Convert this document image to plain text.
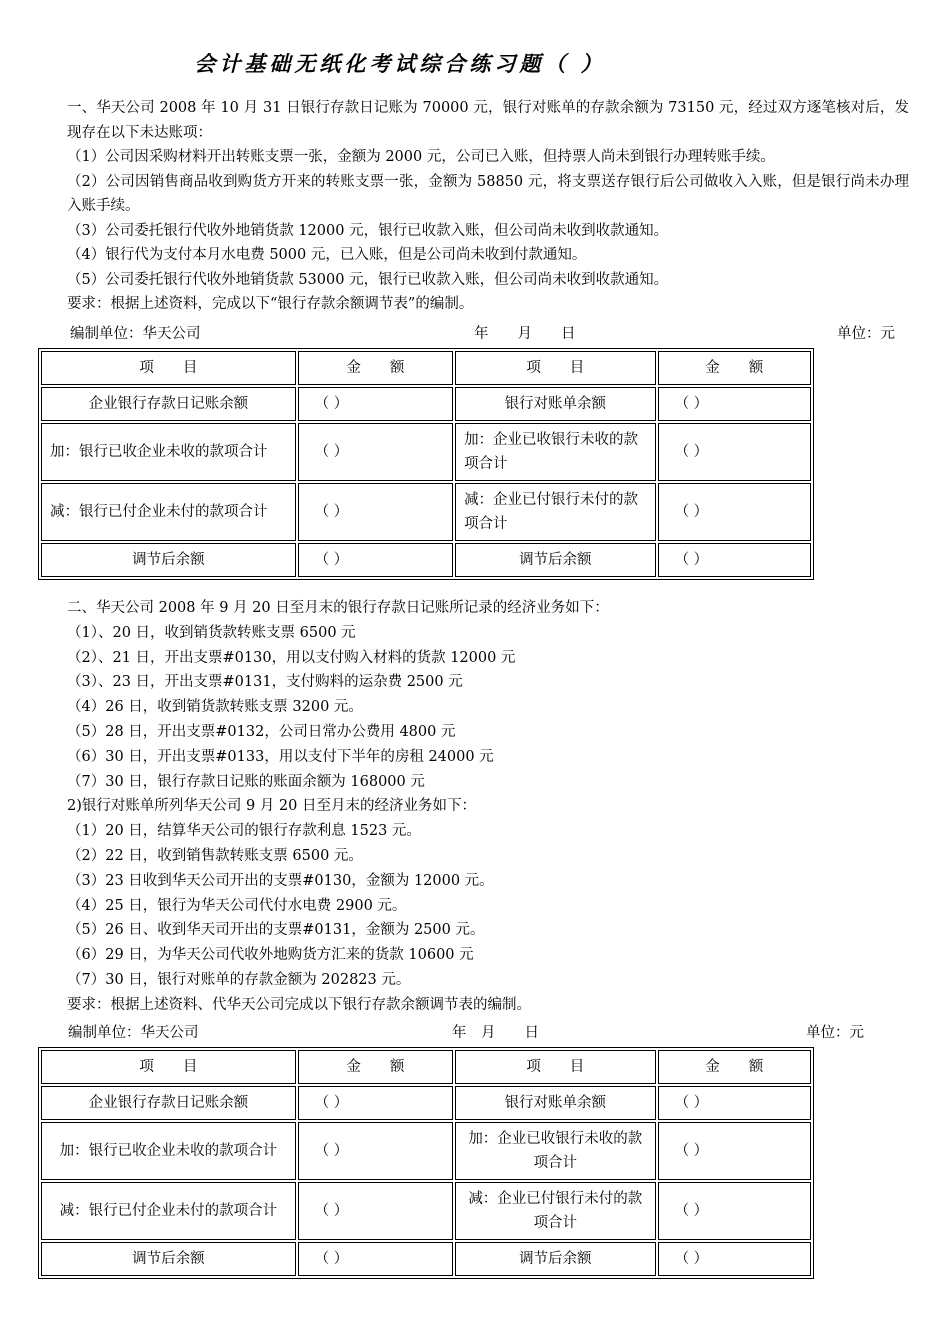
会计基础无纸化考试综合练习题（ ）

一、华天公司 2008 年 10 月 31 日银行存款日记账为 70000 元，银行对账单的存款余额为 73150 元，经过双方逐笔核对后，发现存在以下未达账项：

（1）公司因采购材料开出转账支票一张，金额为 2000 元，公司已入账，但持票人尚未到银行办理转账手续。

（2）公司因销售商品收到购货方开来的转账支票一张，金额为 58850 元，将支票送存银行后公司做收入入账，但是银行尚未办理入账手续。

（3）公司委托银行代收外地销货款 12000 元，银行已收款入账，但公司尚未收到收款通知。

（4）银行代为支付本月水电费 5000 元，已入账，但是公司尚未收到付款通知。

（5）公司委托银行代收外地销货款 53000 元，银行已收款入账，但公司尚未收到收款通知。

要求：根据上述资料，完成以下“银行存款余额调节表”的编制。

编制单位：华天公司	年　　月　　日	单位：元
项　　目	金　　额	项　　目	金　　额
企业银行存款日记账余额	（ ）	银行对账单余额	（ ）
加：银行已收企业未收的款项合计	（ ）	加：企业已收银行未收的款项合计	（ ）
减：银行已付企业未付的款项合计	（ ）	减：企业已付银行未付的款项合计	（ ）
调节后余额	（ ）	调节后余额	（ ）

二、华天公司 2008 年 9 月 20 日至月末的银行存款日记账所记录的经济业务如下：

（1）、20 日，收到销货款转账支票 6500 元

（2）、21 日，开出支票#0130，用以支付购入材料的货款 12000 元

（3）、23 日，开出支票#0131，支付购料的运杂费 2500 元

（4）26 日，收到销货款转账支票 3200 元。

（5）28 日，开出支票#0132，公司日常办公费用 4800 元

（6）30 日，开出支票#0133，用以支付下半年的房租 24000 元

（7）30 日，银行存款日记账的账面余额为 168000 元

2)银行对账单所列华天公司 9 月 20 日至月末的经济业务如下：

（1）20 日，结算华天公司的银行存款利息 1523 元。

（2）22 日，收到销售款转账支票 6500 元。

（3）23 日收到华天公司开出的支票#0130，金额为 12000 元。

（4）25 日，银行为华天公司代付水电费 2900 元。

（5）26 日、收到华天司开出的支票#0131，金额为 2500 元。

（6）29 日，为华天公司代收外地购货方汇来的货款 10600 元

（7）30 日，银行对账单的存款金额为 202823 元。

要求：根据上述资料、代华天公司完成以下银行存款余额调节表的编制。

编制单位：华天公司	年　月　　日	单位：元
项　　目	金　　额	项　　目	金　　额
企业银行存款日记账余额	（ ）	银行对账单余额	（ ）
加：银行已收企业未收的款项合计	（ ）	加：企业已收银行未收的款项合计	（ ）
减：银行已付企业未付的款项合计	（ ）	减：企业已付银行未付的款项合计	（ ）
调节后余额	（ ）	调节后余额	（ ）
